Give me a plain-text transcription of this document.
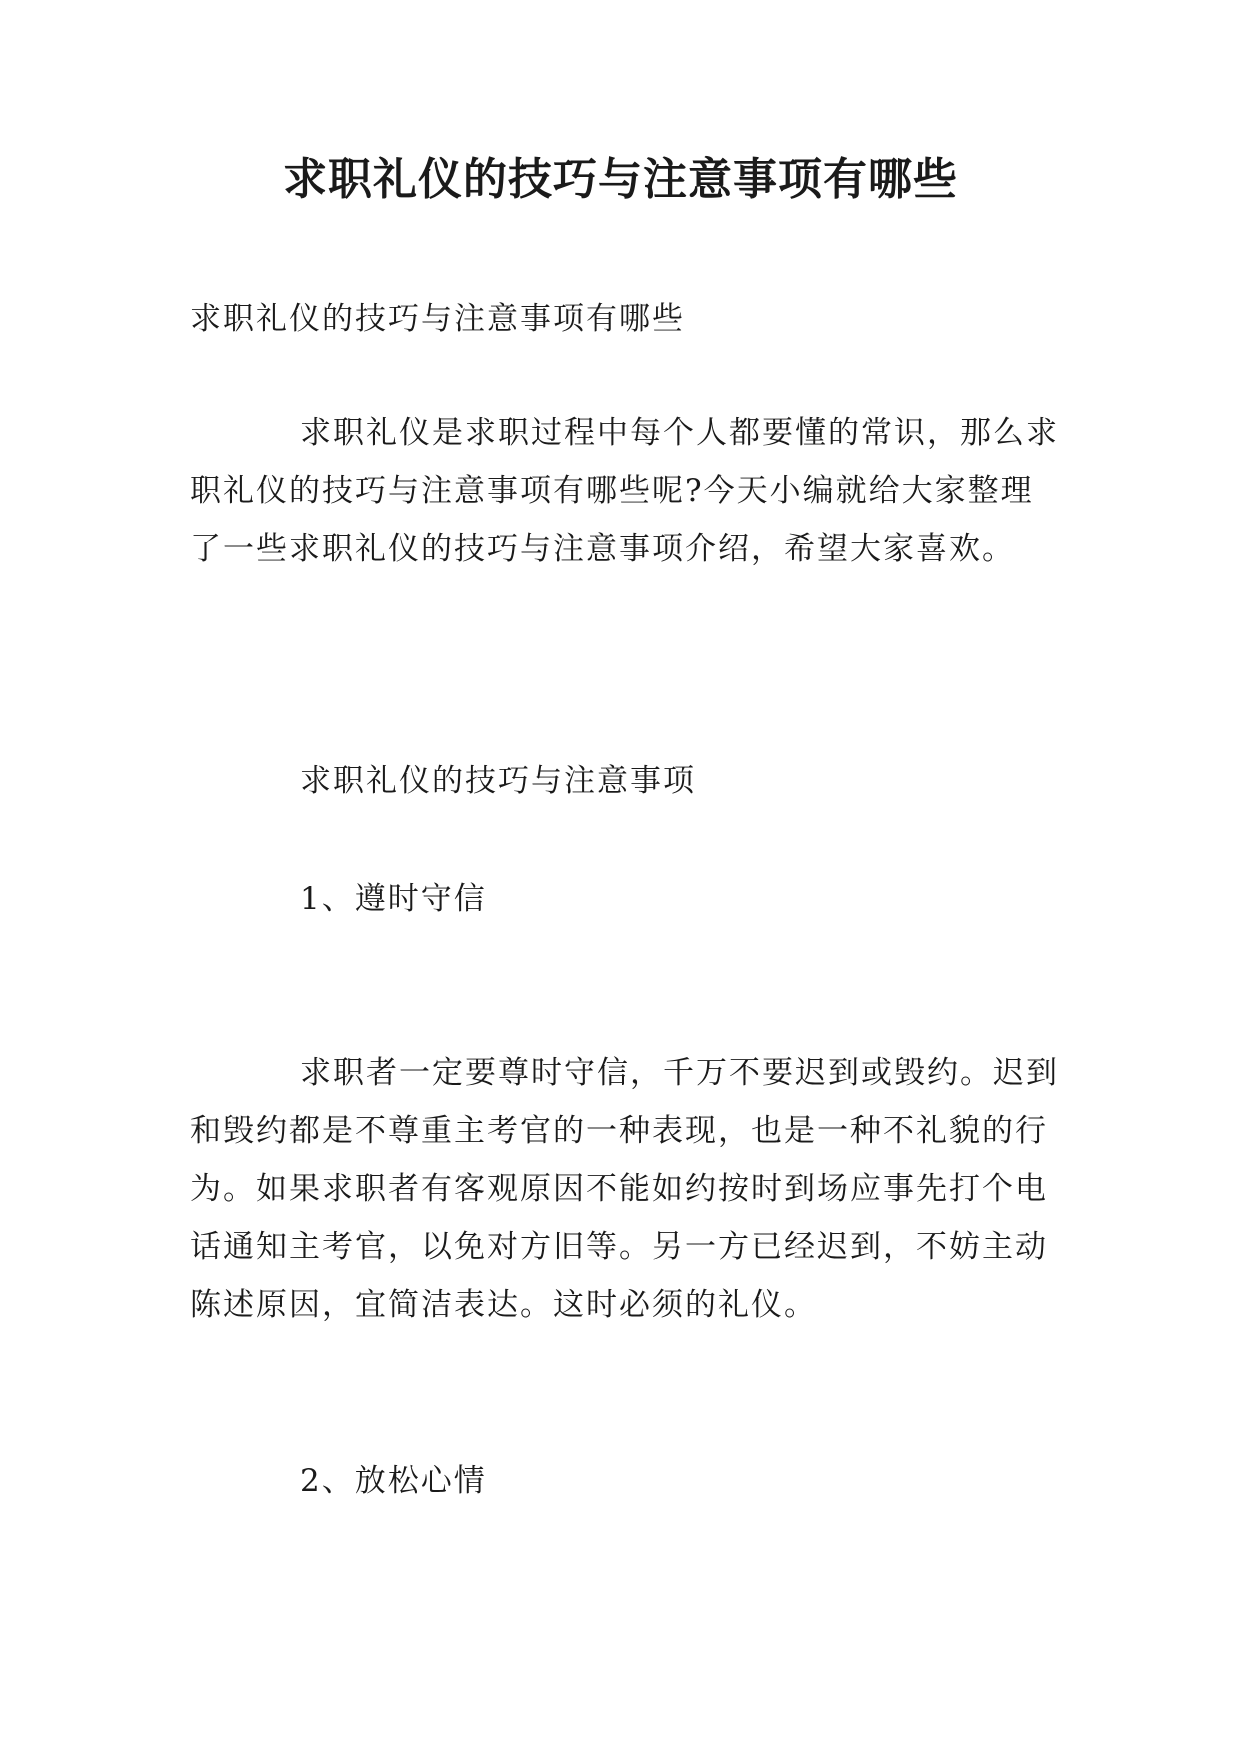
求职礼仪的技巧与注意事项有哪些
求职礼仪的技巧与注意事项有哪些
求职礼仪是求职过程中每个人都要懂的常识，那么求
职礼仪的技巧与注意事项有哪些呢?今天小编就给大家整理
了一些求职礼仪的技巧与注意事项介绍，希望大家喜欢。
求职礼仪的技巧与注意事项
1、遵时守信
求职者一定要尊时守信，千万不要迟到或毁约。迟到
和毁约都是不尊重主考官的一种表现，也是一种不礼貌的行
为。如果求职者有客观原因不能如约按时到场应事先打个电
话通知主考官，以免对方旧等。另一方已经迟到，不妨主动
陈述原因，宜简洁表达。这时必须的礼仪。
2、放松心情
